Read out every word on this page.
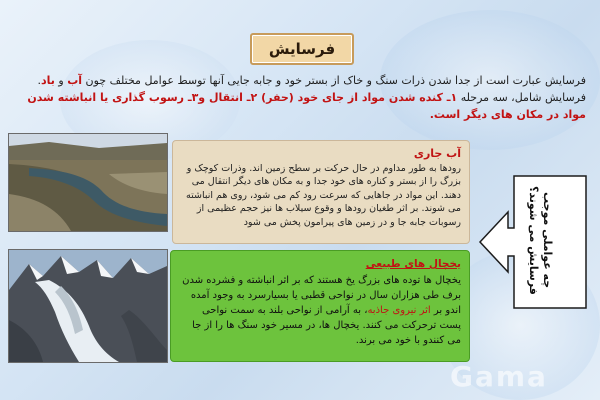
فرسایش
فرسایش عبارت است از جدا شدن ذرات سنگ و خاک از بستر خود و جابه جایی آنها توسط عوامل مختلف چون آب و باد. فرسایش شامل، سه مرحله ۱ـ کنده شدن مواد از جای خود (حفر) ۲ـ انتقال و۳ـ رسوب گذاری یا انباشته شدن مواد در مکان های دیگر است.
آب جاری
رودها به طور مداوم در حال حرکت بر سطح زمین اند. وذرات کوچک و بزرگ را از بستر و کناره های خود جدا و به مکان های دیگر انتقال می دهند. این مواد در جاهایی که سرعت رود کم می شود، روی هم انباشته می شوند. بر اثر طغیان رودها و وقوع سیلاب ها نیز حجم عظیمی از رسوبات جابه جا و در زمین های پیرامون پخش می شود
یخچال های طبیعی
یخچال ها توده های بزرگ یخ هستند که بر اثر انباشته و فشرده شدن برف طی هزاران سال در نواحی قطبی یا بسیارسرد به وجود آمده اندو بر اثر نیروی جاذبه، به آرامی از نواحی بلند به سمت نواحی پست ترحرکت می کنند. یخچال ها، در مسیر خود سنگ ها را از جا می کنندو با خود می برند.
چه عواملی موجب فرسایش می شوند؟
Gama
